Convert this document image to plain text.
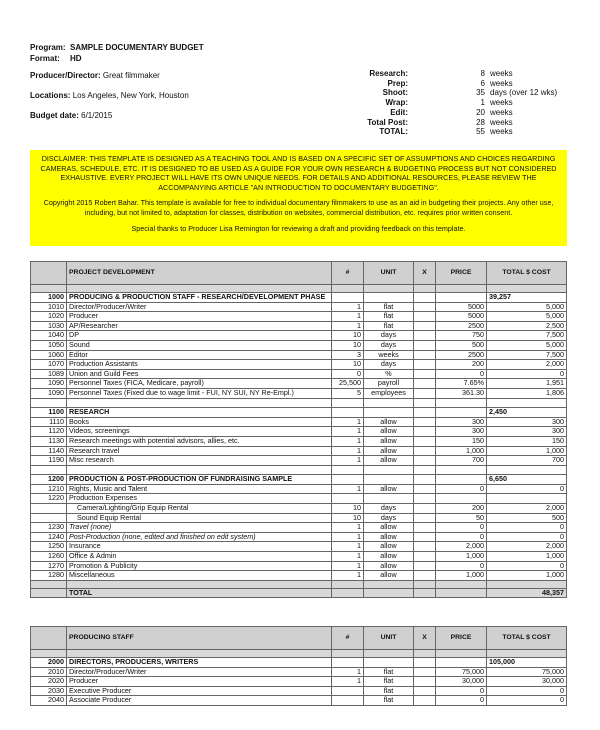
Program: SAMPLE DOCUMENTARY BUDGET
Format: HD
Producer/Director: Great filmmaker
Locations: Los Angeles, New York, Houston
Budget date: 6/1/2015
Research:	8 weeks
Prep:	6 weeks
Shoot:	35 days (over 12 wks)
Wrap:	1 weeks
Edit:	20 weeks
Total Post:	28 weeks
TOTAL:	55 weeks

DISCLAIMER: THIS TEMPLATE IS DESIGNED AS A TEACHING TOOL AND IS BASED ON A SPECIFIC SET OF ASSUMPTIONS AND CHOICES REGARDING CAMERAS, SCHEDULE, ETC. IT IS DESIGNED TO BE USED AS A GUIDE FOR YOUR OWN RESEARCH & BUDGETING PROCESS BUT NOT CONSIDERED EXHAUSTIVE. EVERY PROJECT WILL HAVE ITS OWN UNIQUE NEEDS. FOR DETAILS AND ADDITIONAL RESOURCES, PLEASE REVIEW THE ACCOMPANYING ARTICLE "AN INTRODUCTION TO DOCUMENTARY BUDGETING".

Copyright 2015 Robert Bahar. This template is available for free to individual documentary filmmakers to use as an aid in budgeting their projects. Any other use, including, but not limited to, adaptation for classes, distribution on websites, commercial distribution, etc. requires prior written consent.

Special thanks to Producer Lisa Remington for reviewing a draft and providing feedback on this template.

	PROJECT DEVELOPMENT	#	UNIT	X	PRICE	TOTAL $ COST

1000	PRODUCING & PRODUCTION STAFF - RESEARCH/DEVELOPMENT PHASE					39,257
1010	Director/Producer/Writer	1	flat		5000	5,000
1020	Producer	1	flat		5000	5,000
1030	AP/Researcher	1	flat		2500	2,500
1040	DP	10	days		750	7,500
1050	Sound	10	days		500	5,000
1060	Editor	3	weeks		2500	7,500
1070	Production Assistants	10	days		200	2,000
1089	Union and Guild Fees	0	%		0	0
1090	Personnel Taxes (FICA, Medicare, payroll)	25,500	payroll		7.65%	1,951
1090	Personnel Taxes (Fixed due to wage limit - FUI, NY SUI, NY Re-Empl.)	5	employees		361.30	1,806

1100	RESEARCH					2,450
1110	Books	1	allow		300	300
1120	Videos, screenings	1	allow		300	300
1130	Research meetings with potential advisors, allies, etc.	1	allow		150	150
1140	Research travel	1	allow		1,000	1,000
1190	Misc research	1	allow		700	700

1200	PRODUCTION & POST-PRODUCTION OF FUNDRAISING SAMPLE					6,650
1210	Rights, Music and Talent	1	allow		0	0
1220	Production Expenses					
	Camera/Lighting/Grip Equip Rental	10	days		200	2,000
	Sound Equip Rental	10	days		50	500
1230	Travel (none)	1	allow		0	0
1240	Post-Production (none, edited and finished on edit system)	1	allow		0	0
1250	Insurance	1	allow		2,000	2,000
1260	Office & Admin	1	allow		1,000	1,000
1270	Promotion & Publicity	1	allow		0	0
1280	Miscellaneous	1	allow		1,000	1,000

	TOTAL					48,357
	PRODUCING STAFF	#	UNIT	X	PRICE	TOTAL $ COST

2000	DIRECTORS, PRODUCERS, WRITERS					105,000
2010	Director/Producer/Writer	1	flat		75,000	75,000
2020	Producer	1	flat		30,000	30,000
2030	Executive Producer		flat		0	0
2040	Associate Producer		flat		0	0
